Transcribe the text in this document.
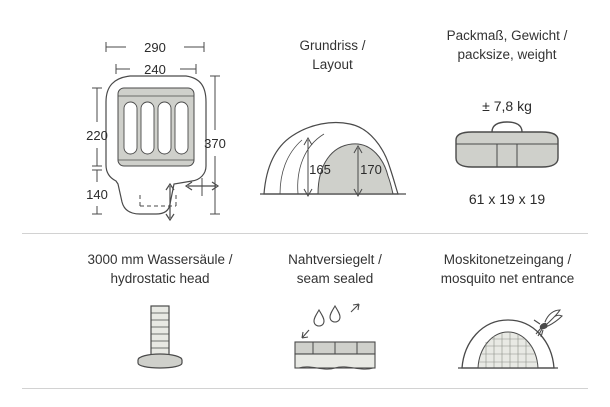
290
240
220
140
370
Grundriss /
Layout
165 170
Packmaß, Gewicht /
packsize, weight
± 7,8 kg
61 x 19 x 19
3000 mm Wassersäule /
hydrostatic head
Nahtversiegelt /
seam sealed
Moskitonetzeingang /
mosquito net entrance
